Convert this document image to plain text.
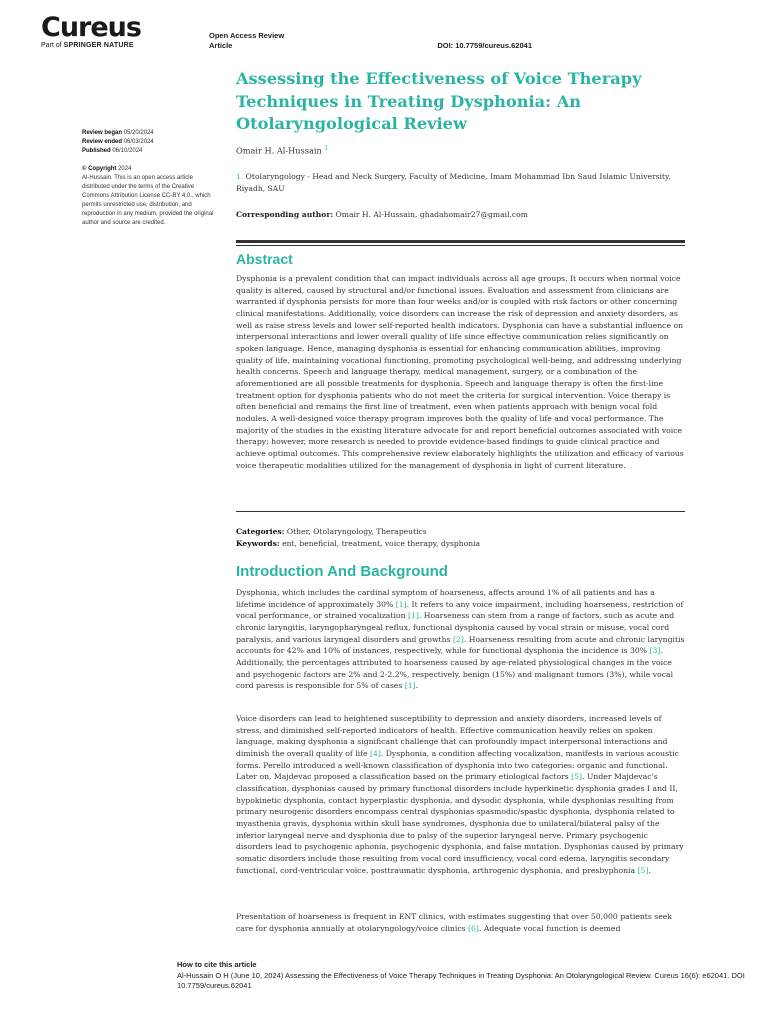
Cureus
Part of SPRINGER NATURE
Open Access Review
Article	DOI: 10.7759/cureus.62041
Assessing the Effectiveness of Voice Therapy Techniques in Treating Dysphonia: An Otolaryngological Review
Omair H. Al-Hussain $^1$
1. Otolaryngology - Head and Neck Surgery, Faculty of Medicine, Imam Mohammad Ibn Saud Islamic University, Riyadh, SAU
Corresponding author: Omair H. Al-Hussain, ghadahomair27@gmail.com
Review began 05/20/2024
Review ended 06/03/2024
Published 06/10/2024
© Copyright 2024
Al-Hussain. This is an open access article distributed under the terms of the Creative Commons Attribution License CC-BY 4.0., which permits unrestricted use, distribution, and reproduction in any medium, provided the original author and source are credited.
Abstract

Dysphonia is a prevalent condition that can impact individuals across all age groups. It occurs when normal voice quality is altered, caused by structural and/or functional issues. Evaluation and assessment from clinicians are warranted if dysphonia persists for more than four weeks and/or is coupled with risk factors or other concerning clinical manifestations. Additionally, voice disorders can increase the risk of depression and anxiety disorders, as well as raise stress levels and lower self-reported health indicators. Dysphonia can have a substantial influence on interpersonal interactions and lower overall quality of life since effective communication relies significantly on spoken language. Hence, managing dysphonia is essential for enhancing communication abilities, improving quality of life, maintaining vocational functioning, promoting psychological well-being, and addressing underlying health concerns. Speech and language therapy, medical management, surgery, or a combination of the aforementioned are all possible treatments for dysphonia. Speech and language therapy is often the first-line treatment option for dysphonia patients who do not meet the criteria for surgical intervention. Voice therapy is often beneficial and remains the first line of treatment, even when patients approach with benign vocal fold nodules. A well-designed voice therapy program improves both the quality of life and vocal performance. The majority of the studies in the existing literature advocate for and report beneficial outcomes associated with voice therapy; however, more research is needed to provide evidence-based findings to guide clinical practice and achieve optimal outcomes. This comprehensive review elaborately highlights the utilization and efficacy of various voice therapeutic modalities utilized for the management of dysphonia in light of current literature.

Categories: Other, Otolaryngology, Therapeutics
Keywords: ent, beneficial, treatment, voice therapy, dysphonia
Introduction And Background

Dysphonia, which includes the cardinal symptom of hoarseness, affects around 1% of all patients and has a lifetime incidence of approximately 30% [1]. It refers to any voice impairment, including hoarseness, restriction of vocal performance, or strained vocalization [1]. Hoarseness can stem from a range of factors, such as acute and chronic laryngitis, laryngopharyngeal reflux, functional dysphonia caused by vocal strain or misuse, vocal cord paralysis, and various laryngeal disorders and growths [2]. Hoarseness resulting from acute and chronic laryngitis accounts for 42% and 10% of instances, respectively, while for functional dysphonia the incidence is 30% [3]. Additionally, the percentages attributed to hoarseness caused by age-related physiological changes in the voice and psychogenic factors are 2% and 2-2.2%, respectively, benign (15%) and malignant tumors (3%), while vocal cord paresis is responsible for 5% of cases [1].

Voice disorders can lead to heightened susceptibility to depression and anxiety disorders, increased levels of stress, and diminished self-reported indicators of health. Effective communication heavily relies on spoken language, making dysphonia a significant challenge that can profoundly impact interpersonal interactions and diminish the overall quality of life [4]. Dysphonia, a condition affecting vocalization, manifests in various acoustic forms. Perello introduced a well-known classification of dysphonia into two categories: organic and functional. Later on, Majdevac proposed a classification based on the primary etiological factors [5]. Under Majdevac's classification, dysphonias caused by primary functional disorders include hyperkinetic dysphonia grades I and II, hypokinetic dysphonia, contact hyperplastic dysphonia, and dysodic dysphonia, while dysphonias resulting from primary neurogenic disorders encompass central dysphonias spasmodic/spastic dysphonia, dysphonia related to myasthenia gravis, dysphonia within skull base syndromes, dysphonia due to unilateral/bilateral palsy of the inferior laryngeal nerve and dysphonia due to palsy of the superior laryngeal nerve. Primary psychogenic disorders lead to psychogenic aphonia, psychogenic dysphonia, and false mutation. Dysphonias caused by primary somatic disorders include those resulting from vocal cord insufficiency, vocal cord edema, laryngitis secondary functional, cord-ventricular voice, posttraumatic dysphonia, arthrogenic dysphonia, and presbyphonia [5].

Presentation of hoarseness is frequent in ENT clinics, with estimates suggesting that over 50,000 patients seek care for dysphonia annually at otolaryngology/voice clinics [6]. Adequate vocal function is deemed

How to cite this article
Al-Hussain O H (June 10, 2024) Assessing the Effectiveness of Voice Therapy Techniques in Treating Dysphonia: An Otolaryngological Review. Cureus 16(6): e62041. DOI 10.7759/cureus.62041
